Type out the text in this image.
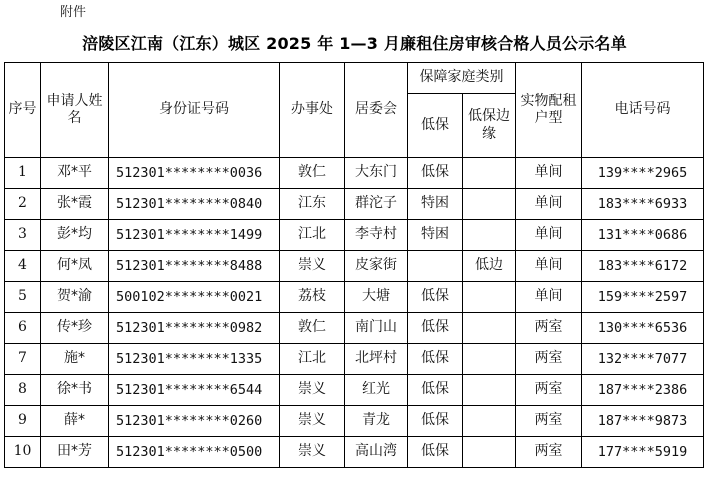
附件
涪陵区江南（江东）城区 2025 年 1—3 月廉租住房审核合格人员公示名单
序号	申请人姓名	身份证号码	办事处	居委会	保障家庭类别		实物配租户型	电话号码
					低保	低保边缘		
1	邓*平	512301********0036	敦仁	大东门	低保		单间	139****2965
2	张*霞	512301********0840	江东	群沱子	特困		单间	183****6933
3	彭*均	512301********1499	江北	李寺村	特困		单间	131****0686
4	何*凤	512301********8488	崇义	皮家街		低边	单间	183****6172
5	贺*渝	500102********0021	荔枝	大塘	低保		单间	159****2597
6	传*珍	512301********0982	敦仁	南门山	低保		两室	130****6536
7	施*	512301********1335	江北	北坪村	低保		两室	132****7077
8	徐*书	512301********6544	崇义	红光	低保		两室	187****2386
9	薛*	512301********0260	崇义	青龙	低保		两室	187****9873
10	田*芳	512301********0500	崇义	高山湾	低保		两室	177****5919
